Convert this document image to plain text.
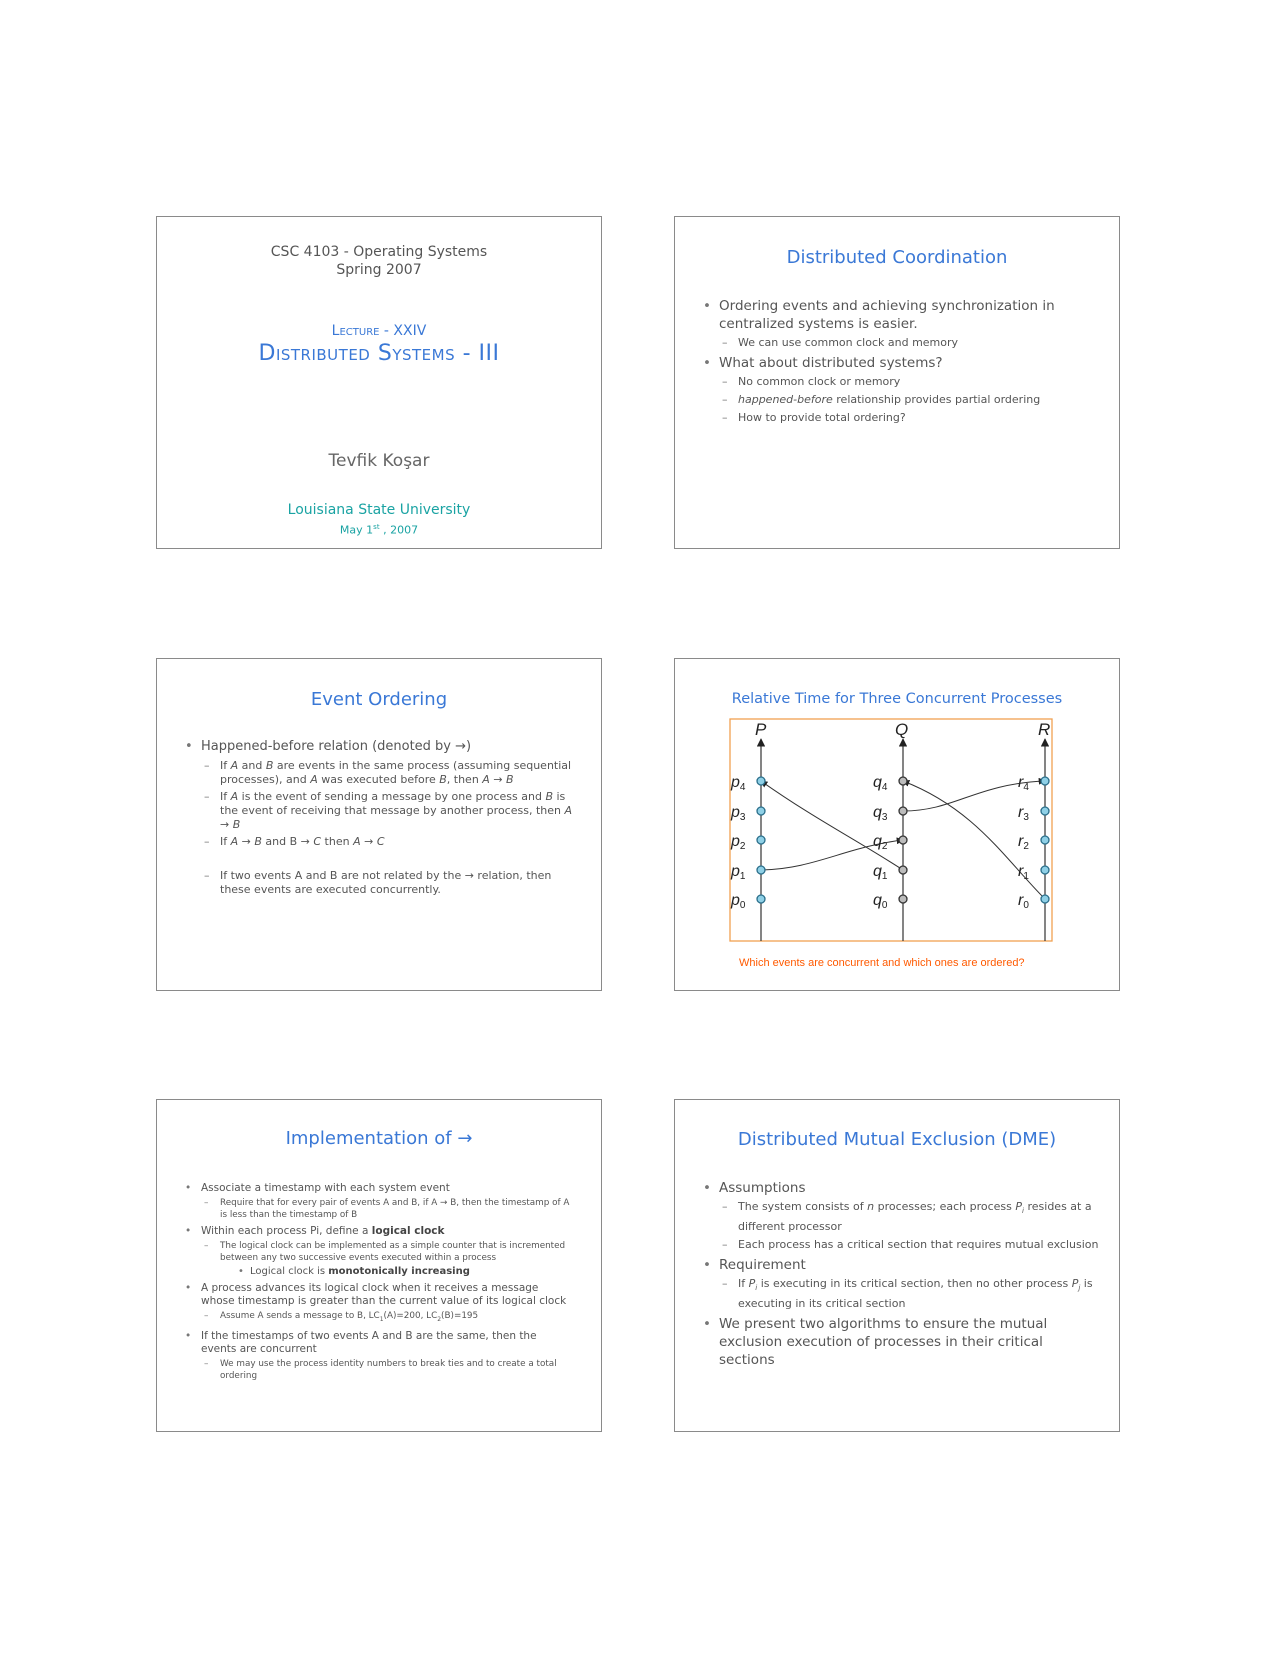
CSC 4103 - Operating Systems
Spring 2007
Lecture - XXIV
Distributed Systems - III
Tevfik Koşar
Louisiana State University
May 1st , 2007
Distributed Coordination
• Ordering events and achieving synchronization in centralized systems is easier.
– We can use common clock and memory
• What about distributed systems?
– No common clock or memory
– happened-before relationship provides partial ordering
– How to provide total ordering?
Event Ordering
• Happened-before relation (denoted by →)
– If A and B are events in the same process (assuming sequential processes), and A was executed before B, then A → B
– If A is the event of sending a message by one process and B is the event of receiving that message by another process, then A → B
– If A → B and B → C then A → C
– If two events A and B are not related by the → relation, then these events are executed concurrently.
Relative Time for Three Concurrent Processes
P	Q	R
p4
p3
p2
p1
p0
q4
q3
q2
q1
q0
r4
r3
r2
r1
r0
Which events are concurrent and which ones are ordered?
Implementation of →
• Associate a timestamp with each system event
– Require that for every pair of events A and B, if A → B, then the timestamp of A is less than the timestamp of B
• Within each process Pi, define a logical clock
– The logical clock can be implemented as a simple counter that is incremented between any two successive events executed within a process
• Logical clock is monotonically increasing
• A process advances its logical clock when it receives a message whose timestamp is greater than the current value of its logical clock
– Assume A sends a message to B, $LC_1(A)=200$, $LC_2(B)=195$
• If the timestamps of two events A and B are the same, then the events are concurrent
– We may use the process identity numbers to break ties and to create a total ordering
Distributed Mutual Exclusion (DME)
• Assumptions
– The system consists of n processes; each process $P_i$ resides at a different processor
– Each process has a critical section that requires mutual exclusion
• Requirement
– If $P_i$ is executing in its critical section, then no other process $P_j$ is executing in its critical section
• We present two algorithms to ensure the mutual exclusion execution of processes in their critical sections
